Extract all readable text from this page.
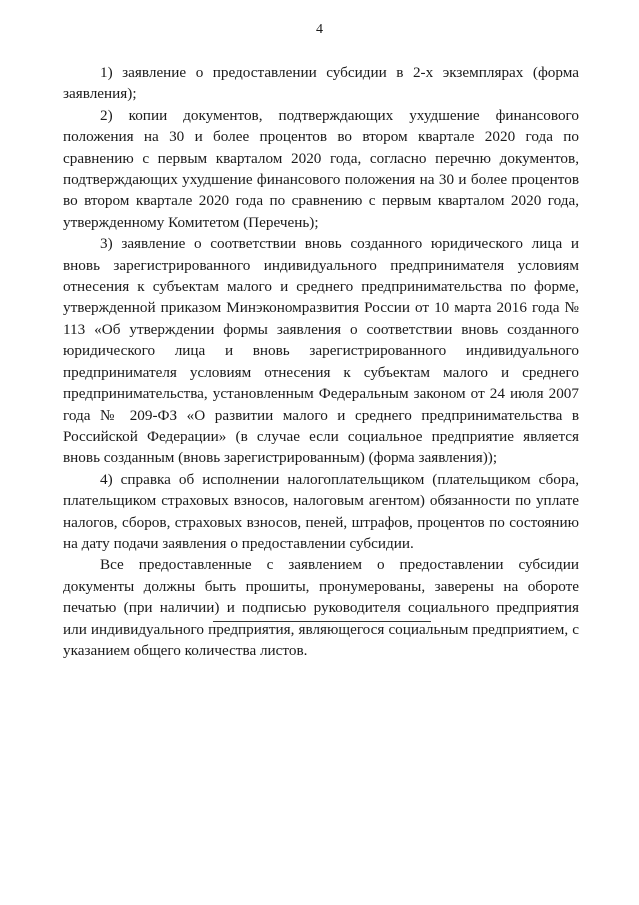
4

1) заявление о предоставлении субсидии в 2-х экземплярах (форма заявления);

2) копии документов, подтверждающих ухудшение финансового положения на 30 и более процентов во втором квартале 2020 года по сравнению с первым кварталом 2020 года, согласно перечню документов, подтверждающих ухудшение финансового положения на 30 и более процентов во втором квартале 2020 года по сравнению с первым кварталом 2020 года, утвержденному Комитетом (Перечень);

3) заявление о соответствии вновь созданного юридического лица и вновь зарегистрированного индивидуального предпринимателя условиям отнесения к субъектам малого и среднего предпринимательства по форме, утвержденной приказом Минэкономразвития России от 10 марта 2016 года № 113 «Об утверждении формы заявления о соответствии вновь созданного юридического лица и вновь зарегистрированного индивидуального предпринимателя условиям отнесения к субъектам малого и среднего предпринимательства, установленным Федеральным законом от 24 июля 2007 года № 209-ФЗ «О развитии малого и среднего предпринимательства в Российской Федерации» (в случае если социальное предприятие является вновь созданным (вновь зарегистрированным) (форма заявления));

4) справка об исполнении налогоплательщиком (плательщиком сбора, плательщиком страховых взносов, налоговым агентом) обязанности по уплате налогов, сборов, страховых взносов, пеней, штрафов, процентов по состоянию на дату подачи заявления о предоставлении субсидии.

Все предоставленные с заявлением о предоставлении субсидии документы должны быть прошиты, пронумерованы, заверены на обороте печатью (при наличии) и подписью руководителя социального предприятия или индивидуального предприятия, являющегося социальным предприятием, с указанием общего количества листов.
